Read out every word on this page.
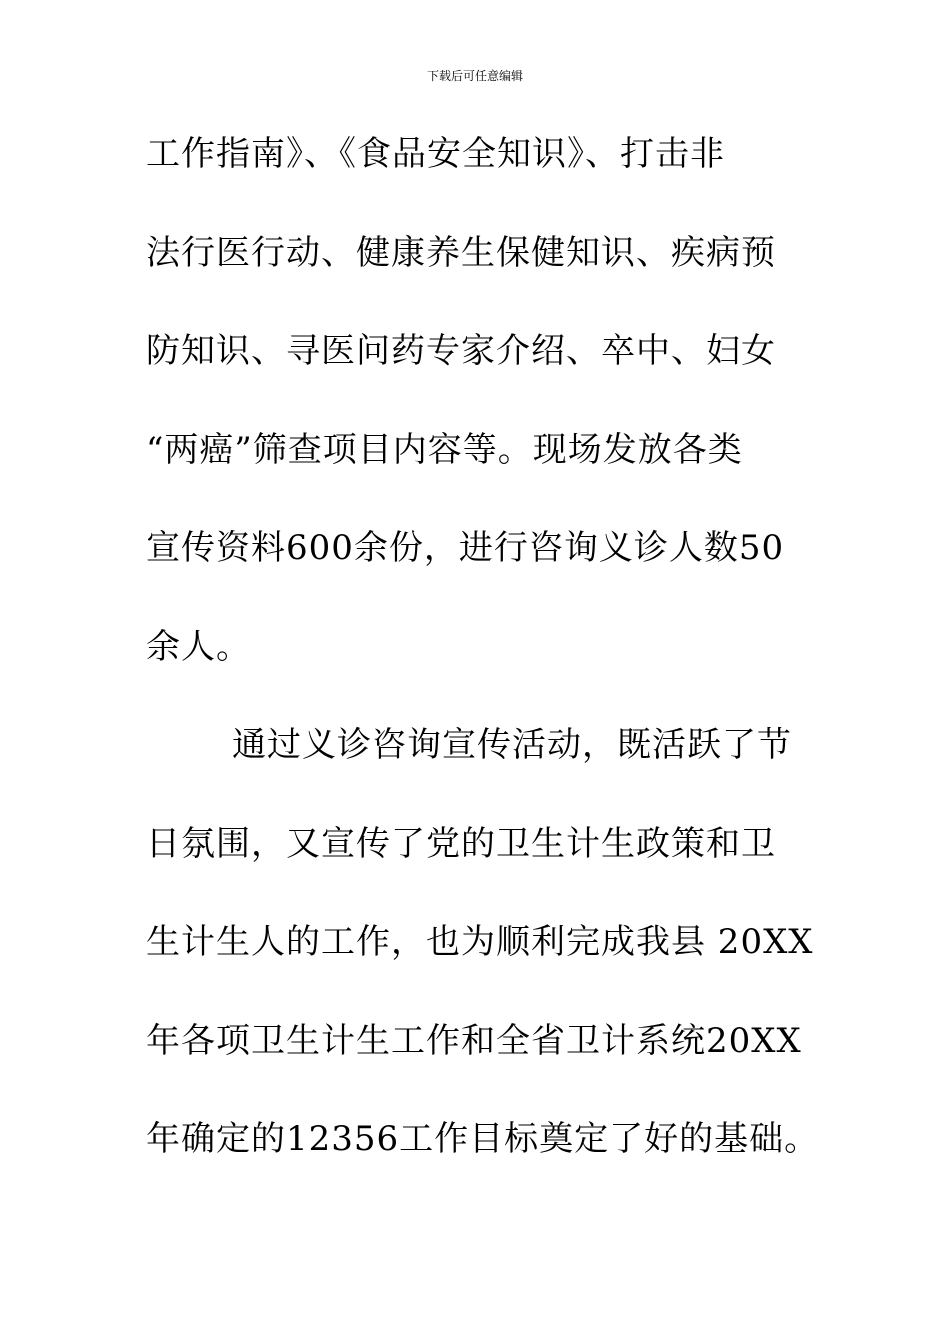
下载后可任意编辑
工作指南》、《食品安全知识》、打击非
法行医行动、健康养生保健知识、疾病预
防知识、寻医问药专家介绍、卒中、妇女
“两癌”筛查项目内容等。现场发放各类
宣传资料600余份，进行咨询义诊人数50
余人。
通过义诊咨询宣传活动，既活跃了节
日氛围，又宣传了党的卫生计生政策和卫
生计生人的工作，也为顺利完成我县 20XX
年各项卫生计生工作和全省卫计系统20XX
年确定的12356工作目标奠定了好的基础。
